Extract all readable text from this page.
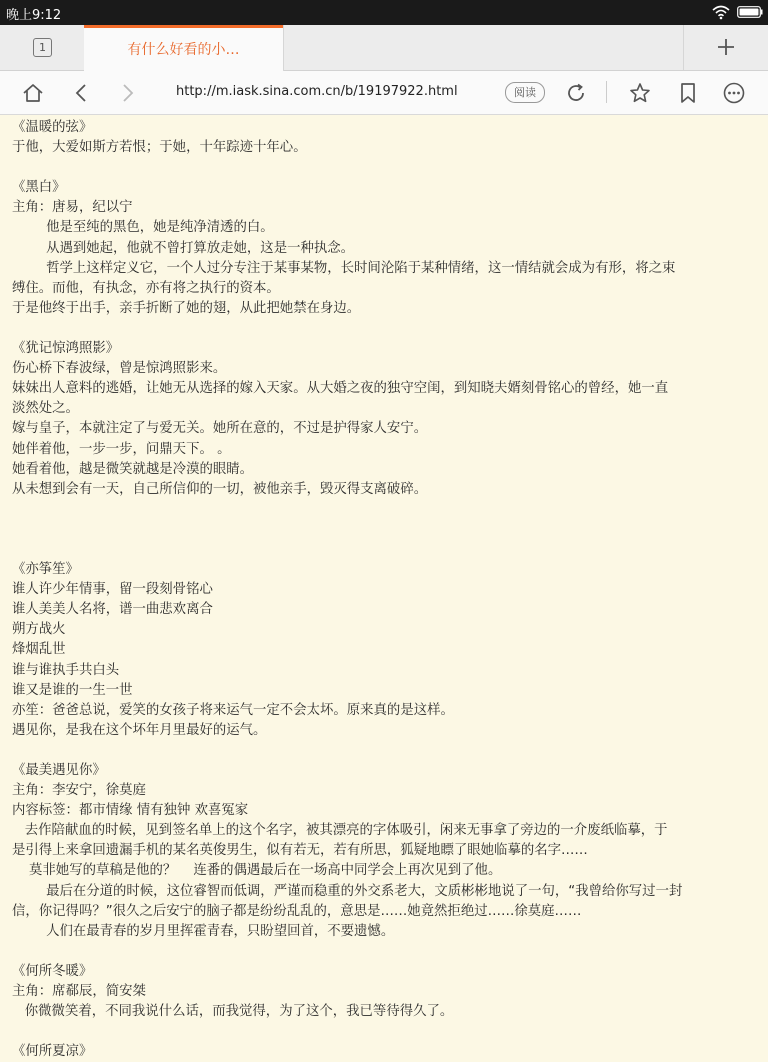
晚上9:12
1	有什么好看的小…
http://m.iask.sina.com.cn/b/19197922.html	阅读

《温暖的弦》

于他，大爱如斯方若恨；于她，十年踪迹十年心。

《黑白》

主角：唐易，纪以宁

他是至纯的黑色，她是纯净清透的白。

从遇到她起，他就不曾打算放走她，这是一种执念。

哲学上这样定义它，一个人过分专注于某事某物，长时间沦陷于某种情绪，这一情结就会成为有形，将之束

缚住。而他，有执念，亦有将之执行的资本。

于是他终于出手，亲手折断了她的翅，从此把她禁在身边。

《犹记惊鸿照影》

伤心桥下春波绿，曾是惊鸿照影来。

妹妹出人意料的逃婚，让她无从选择的嫁入天家。从大婚之夜的独守空闺，到知晓夫婿刻骨铭心的曾经，她一直

淡然处之。

嫁与皇子，本就注定了与爱无关。她所在意的，不过是护得家人安宁。

她伴着他，一步一步，问鼎天下。 。

她看着他，越是微笑就越是冷漠的眼睛。

从未想到会有一天，自己所信仰的一切，被他亲手，毁灭得支离破碎。

《亦筝笙》

谁人许少年情事，留一段刻骨铭心

谁人美美人名将，谱一曲悲欢离合

朔方战火

烽烟乱世

谁与谁执手共白头

谁又是谁的一生一世

亦笙：爸爸总说，爱笑的女孩子将来运气一定不会太坏。原来真的是这样。

遇见你，是我在这个坏年月里最好的运气。

《最美遇见你》

主角：李安宁，徐莫庭

内容标签：都市情缘 情有独钟 欢喜冤家

去作陪献血的时候，见到签名单上的这个名字，被其漂亮的字体吸引，闲来无事拿了旁边的一介废纸临摹，于

是引得上来拿回遗漏手机的某名英俊男生，似有若无，若有所思，狐疑地瞟了眼她临摹的名字……

莫非她写的草稿是他的？    连番的偶遇最后在一场高中同学会上再次见到了他。

最后在分道的时候，这位睿智而低调，严谨而稳重的外交系老大，文质彬彬地说了一句，“我曾给你写过一封

信，你记得吗？”很久之后安宁的脑子都是纷纷乱乱的，意思是……她竟然拒绝过……徐莫庭……

人们在最青春的岁月里挥霍青春，只盼望回首，不要遗憾。

《何所冬暖》

主角：席郗辰，简安桀

你微微笑着，不同我说什么话，而我觉得，为了这个，我已等待得久了。

《何所夏凉》
